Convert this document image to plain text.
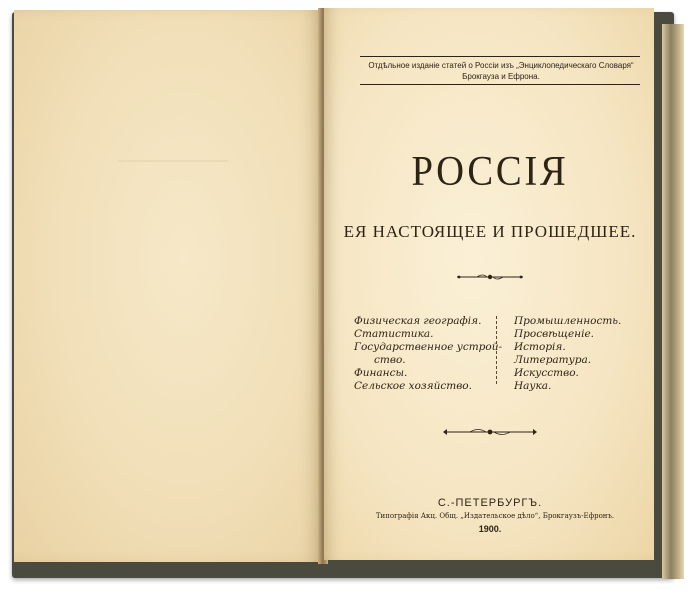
Отдѣльное изданіе статей о Россіи изъ „Энциклопедическаго Словаря“
Брокгауза и Ефрона.
РОССІЯ
ЕЯ НАСТОЯЩЕЕ И ПРОШЕДШЕЕ.
Физическая географія.
Статистика.
Государственное устрой-
ство.
Финансы.
Сельское хозяйство.
Промышленность.
Просвѣщеніе.
Исторія.
Литература.
Искусство.
Наука.
С.-ПЕТЕРБУРГЪ.
Типографія Акц. Общ. „Издательское дѣло“, Брокгаузъ-Ефронъ.
1900.
